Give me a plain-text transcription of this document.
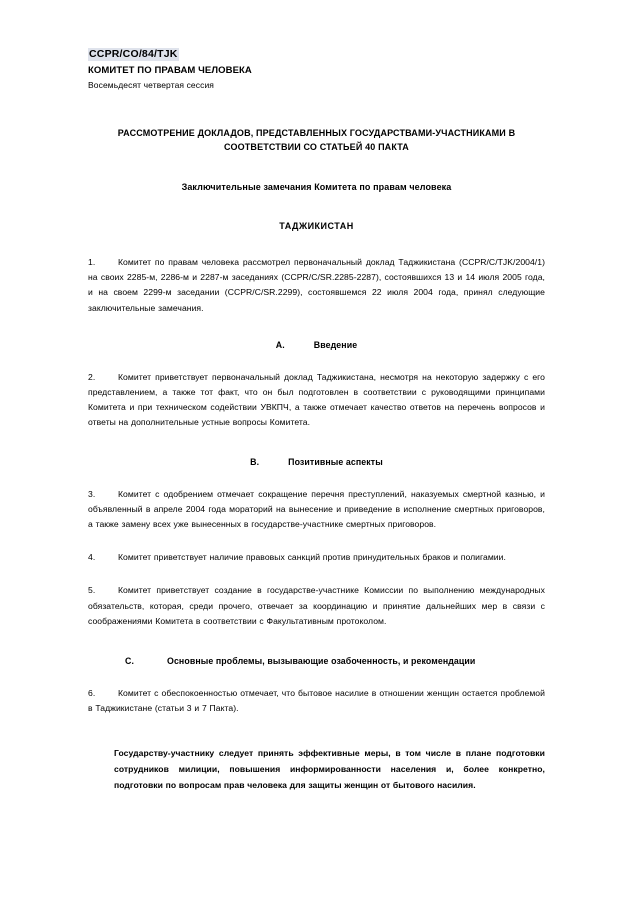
CCPR/CO/84/TJK
КОМИТЕТ ПО ПРАВАМ ЧЕЛОВЕКА
Восемьдесят четвертая сессия
РАССМОТРЕНИЕ ДОКЛАДОВ, ПРЕДСТАВЛЕННЫХ ГОСУДАРСТВАМИ-УЧАСТНИКАМИ В СООТВЕТСТВИИ СО СТАТЬЕЙ 40 ПАКТА
Заключительные замечания Комитета по правам человека
ТАДЖИКИСТАН

1.	Комитет по правам человека рассмотрел первоначальный доклад Таджикистана (CCPR/C/TJK/2004/1) на своих 2285-м, 2286-м и 2287-м заседаниях (CCPR/C/SR.2285-2287), состоявшихся 13 и 14 июля 2005 года, и на своем 2299-м заседании (CCPR/C/SR.2299), состоявшемся 22 июля 2004 года, принял следующие заключительные замечания.

A.	Введение

2.	Комитет приветствует первоначальный доклад Таджикистана, несмотря на некоторую задержку с его представлением, а также тот факт, что он был подготовлен в соответствии с руководящими принципами Комитета и при техническом содействии УВКПЧ, а также отмечает качество ответов на перечень вопросов и ответы на дополнительные устные вопросы Комитета.

B.	Позитивные аспекты

3.	Комитет с одобрением отмечает сокращение перечня преступлений, наказуемых смертной казнью, и объявленный в апреле 2004 года мораторий на вынесение и приведение в исполнение смертных приговоров, а также замену всех уже вынесенных в государстве-участнике смертных приговоров.

4.	Комитет приветствует наличие правовых санкций против принудительных браков и полигамии.

5.	Комитет приветствует создание в государстве-участнике Комиссии по выполнению международных обязательств, которая, среди прочего, отвечает за координацию и принятие дальнейших мер в связи с соображениями Комитета в соответствии с Факультативным протоколом.

C.	Основные проблемы, вызывающие озабоченность, и рекомендации

6.	Комитет с обеспокоенностью отмечает, что бытовое насилие в отношении женщин остается проблемой в Таджикистане (статьи 3 и 7 Пакта).

Государству-участнику следует принять эффективные меры, в том числе в плане подготовки сотрудников милиции, повышения информированности населения и, более конкретно, подготовки по вопросам прав человека для защиты женщин от бытового насилия.
